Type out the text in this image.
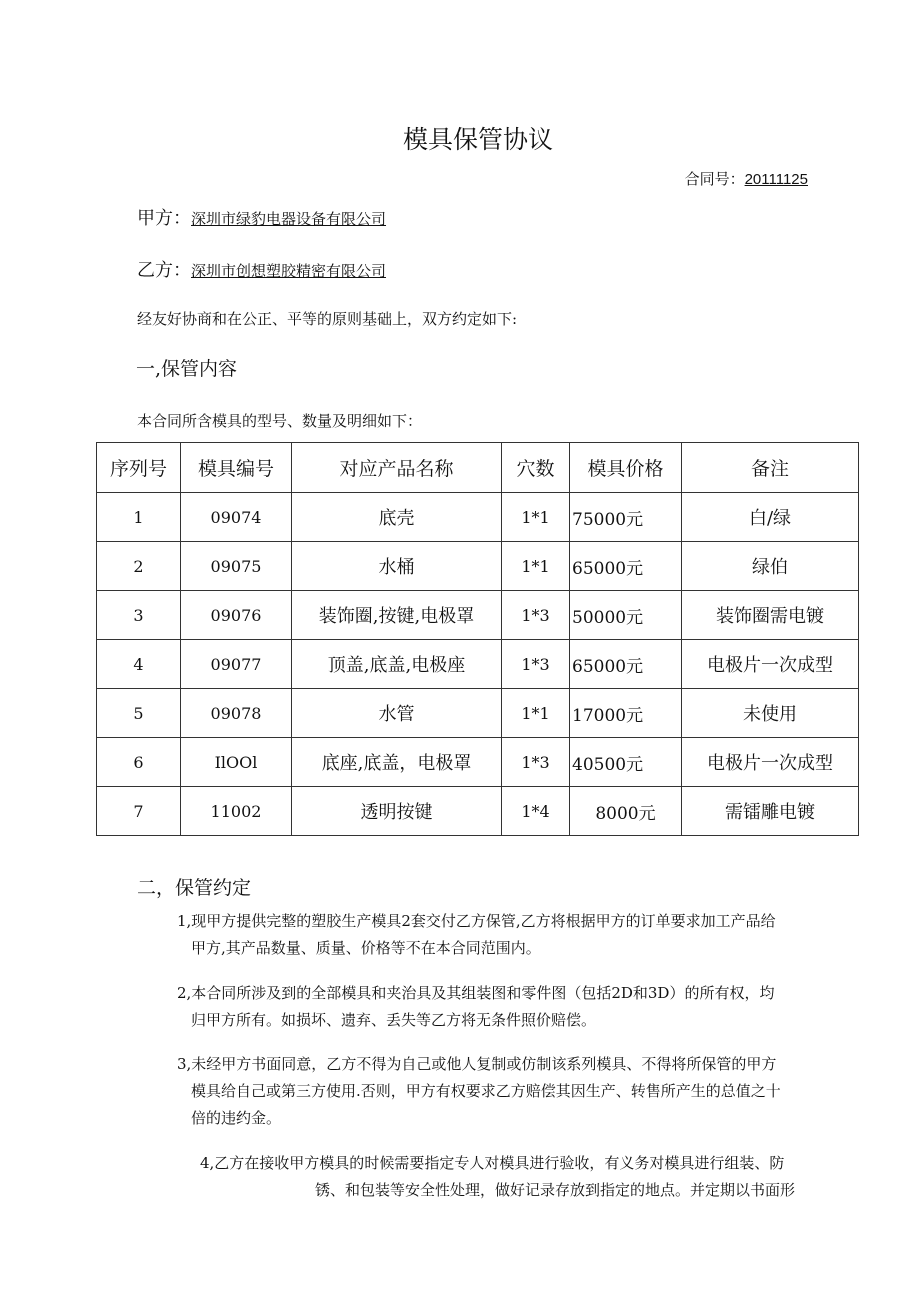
模具保管协议
合同号：20111125
甲方：深圳市绿豹电器设备有限公司
乙方：深圳市创想塑胶精密有限公司
经友好协商和在公正、平等的原则基础上，双方约定如下:
一,保管内容
本合同所含模具的型号、数量及明细如下：
序列号	模具编号	对应产品名称	穴数	模具价格	备注
1	09074	底壳	1*1	75000元	白/绿
2	09075	水桶	1*1	65000元	绿伯
3	09076	装饰圈,按键,电极罩	1*3	50000元	装饰圈需电镀
4	09077	顶盖,底盖,电极座	1*3	65000元	电极片一次成型
5	09078	水管	1*1	17000元	未使用
6	IlOOl	底座,底盖，电极罩	1*3	40500元	电极片一次成型
7	11002	透明按键	1*4	8000元	需镭雕电镀
二，保管约定
1,现甲方提供完整的塑胶生产模具2套交付乙方保管,乙方将根据甲方的订单要求加工产品给
甲方,其产品数量、质量、价格等不在本合同范围内。
2,本合同所涉及到的全部模具和夹治具及其组装图和零件图（包括2D和3D）的所有权，均
归甲方所有。如损坏、遗弃、丢失等乙方将无条件照价赔偿。
3,未经甲方书面同意，乙方不得为自己或他人复制或仿制该系列模具、不得将所保管的甲方
模具给自己或第三方使用.否则，甲方有权要求乙方赔偿其因生产、转售所产生的总值之十
倍的违约金。
4,乙方在接收甲方模具的时候需要指定专人对模具进行验收，有义务对模具进行组装、防
锈、和包装等安全性处理，做好记录存放到指定的地点。并定期以书面形
